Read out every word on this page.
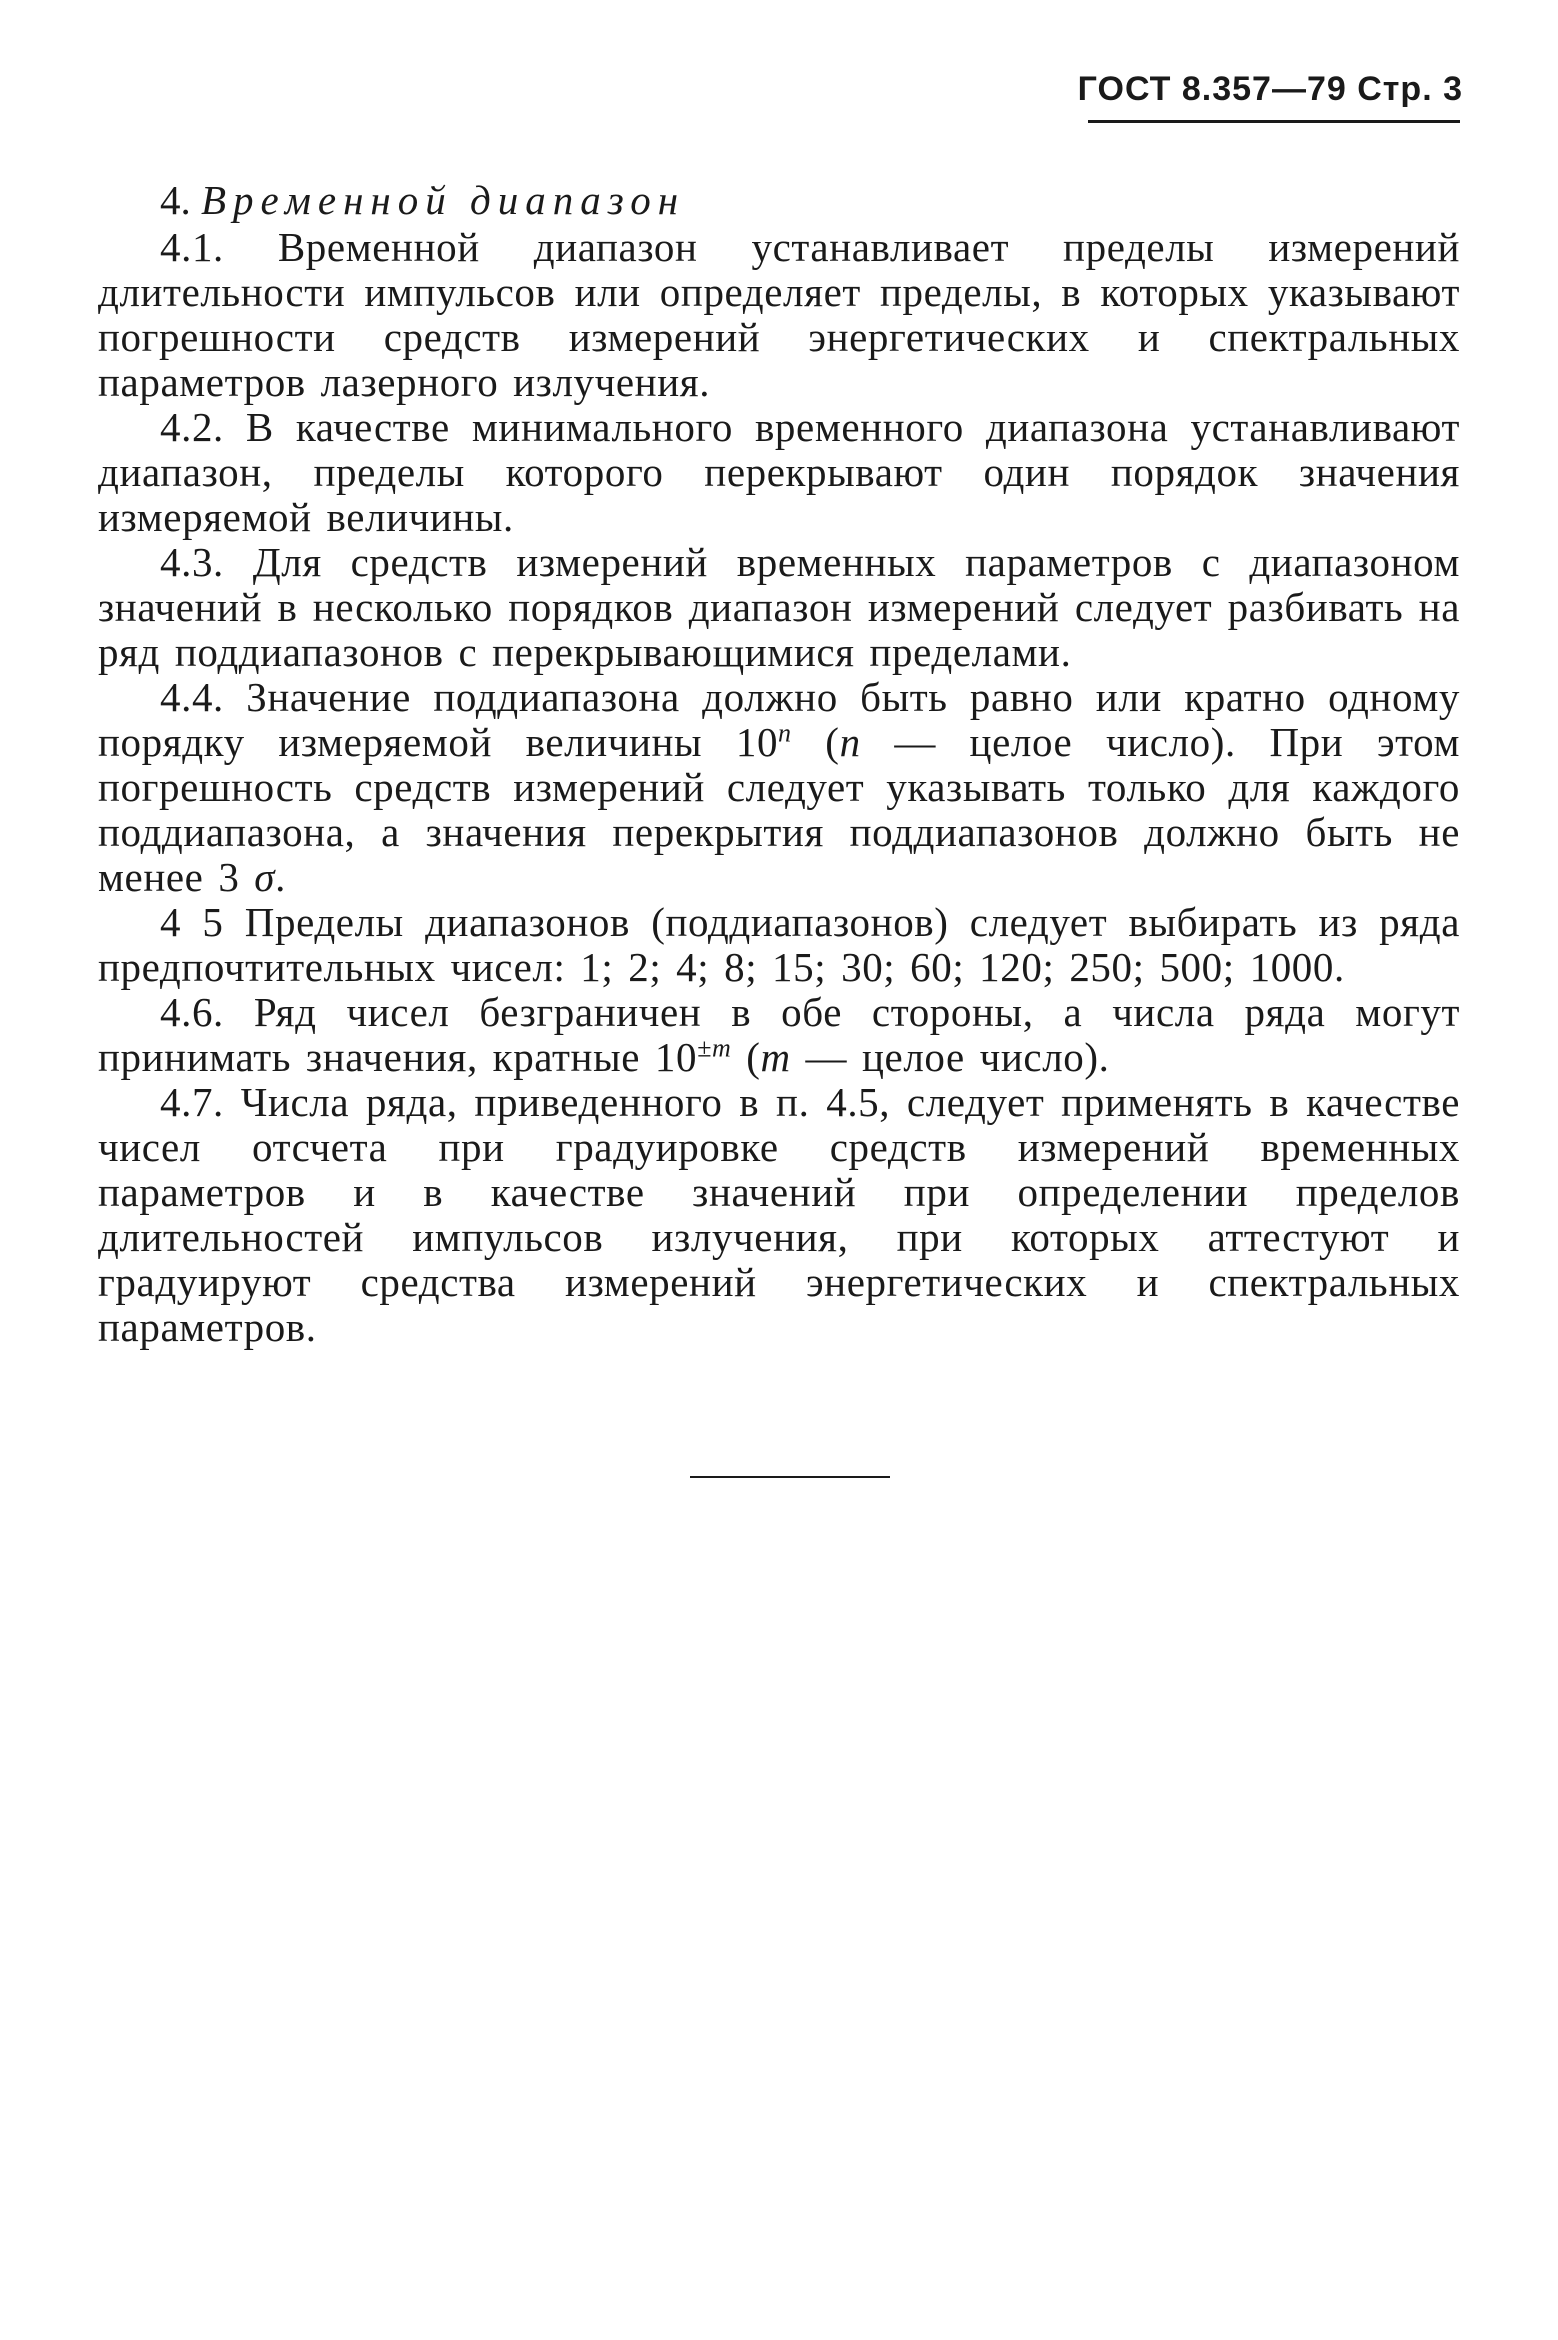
ГОСТ 8.357—79 Стр. 3

4. Временной диапазон

4.1. Временной диапазон устанавливает пределы измерений длительности импульсов или определяет пределы, в которых указывают погрешности средств измерений энергетических и спектральных параметров лазерного излучения.

4.2. В качестве минимального временного диапазона устанавливают диапазон, пределы которого перекрывают один порядок значения измеряемой величины.

4.3. Для средств измерений временных параметров с диапазоном значений в несколько порядков диапазон измерений следует разбивать на ряд поддиапазонов с перекрывающимися пределами.

4.4. Значение поддиапазона должно быть равно или кратно одному порядку измеряемой величины 10$^n$ (n — целое число). При этом погрешность средств измерений следует указывать только для каждого поддиапазона, а значения перекрытия поддиапазонов должно быть не менее 3 σ.

4 5 Пределы диапазонов (поддиапазонов) следует выбирать из ряда предпочтительных чисел: 1; 2; 4; 8; 15; 30; 60; 120; 250; 500; 1000.

4.6. Ряд чисел безграничен в обе стороны, а числа ряда могут принимать значения, кратные $10^{\pm m}$ (m — целое число).

4.7. Числа ряда, приведенного в п. 4.5, следует применять в качестве чисел отсчета при градуировке средств измерений временных параметров и в качестве значений при определении пределов длительностей импульсов излучения, при которых аттестуют и градуируют средства измерений энергетических и спектральных параметров.
